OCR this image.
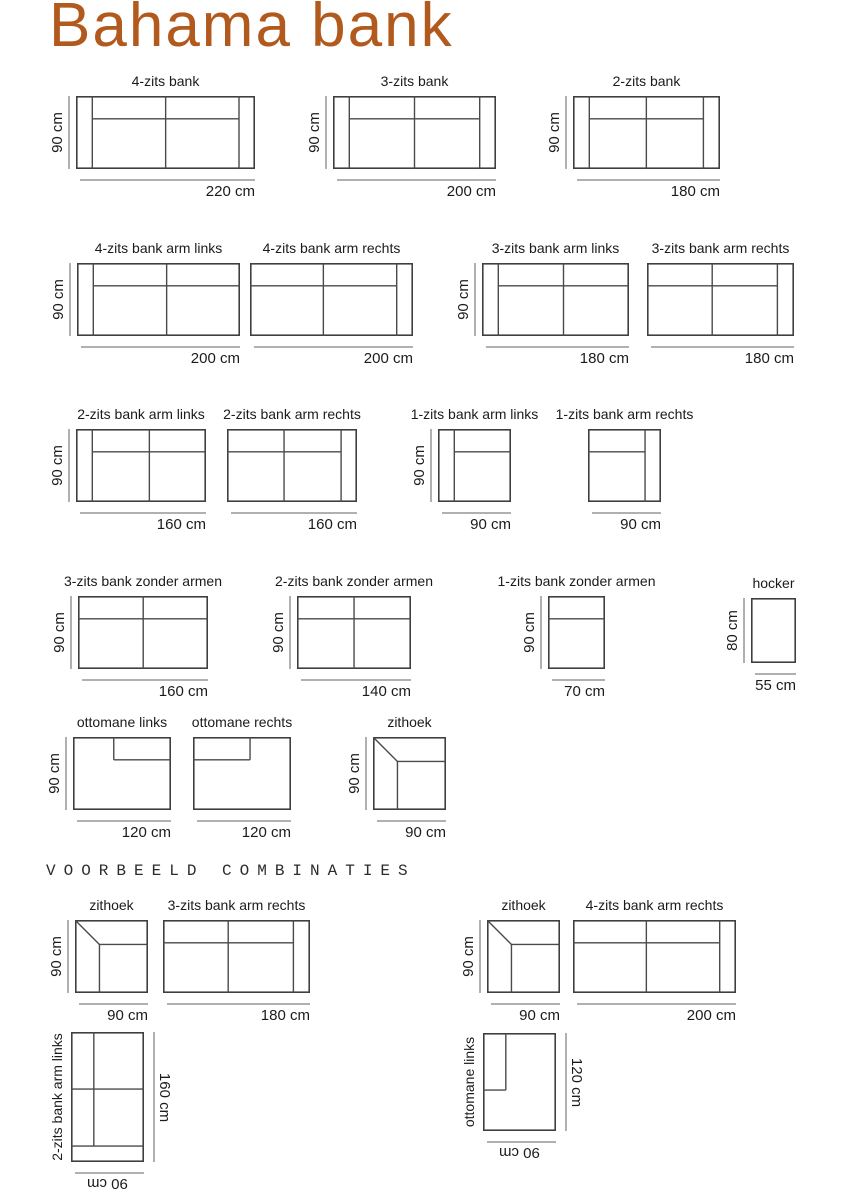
Bahama bank
4-zits bank
90 cm
220 cm
3-zits bank
90 cm
200 cm
2-zits bank
90 cm
180 cm
4-zits bank arm links
90 cm
200 cm
4-zits bank arm rechts
200 cm
3-zits bank arm links
90 cm
180 cm
3-zits bank arm rechts
180 cm
2-zits bank arm links
90 cm
160 cm
2-zits bank arm rechts
160 cm
1-zits bank arm links
90 cm
90 cm
1-zits bank arm rechts
90 cm
3-zits bank zonder armen
90 cm
160 cm
2-zits bank zonder armen
90 cm
140 cm
1-zits bank zonder armen
90 cm
70 cm
hocker
80 cm
55 cm
ottomane links
90 cm
120 cm
ottomane rechts
120 cm
zithoek
90 cm
90 cm
zithoek
90 cm
90 cm
3-zits bank arm rechts
180 cm
zithoek
90 cm
90 cm
4-zits bank arm rechts
200 cm
2-zits bank arm links	160 cm
90 cm
ottomane links	120 cm
90 cm
VOORBEELD COMBINATIES
